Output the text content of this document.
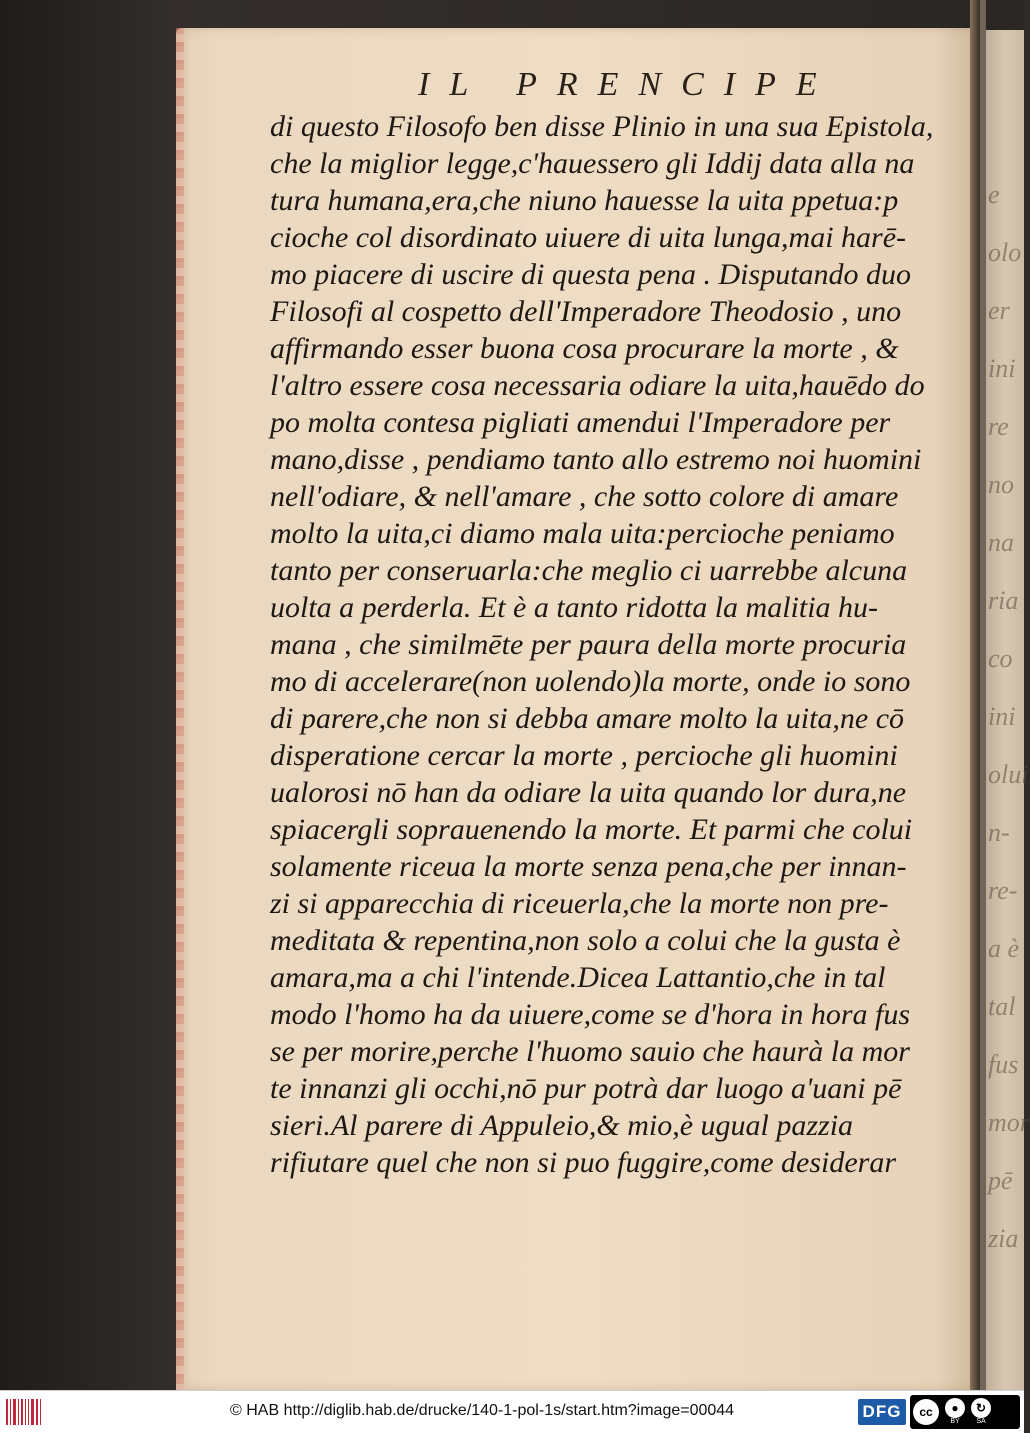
e
olo
er
ini
re
no
na
ria
co
ini
olui
n-
re-
a è
tal
fus
mor
pē
zia
IL PRENCIPE
di questo Filosofo ben disse Plinio in una sua Epistola,
che la miglior legge,c'hauessero gli Iddij data alla na
tura humana,era,che niuno hauesse la uita ppetua:p
cioche col disordinato uiuere di uita lunga,mai harē-
mo piacere di uscire di questa pena . Disputando duo
Filosofi al cospetto dell'Imperadore Theodosio , uno
affirmando esser buona cosa procurare la morte , &
l'altro essere cosa necessaria odiare la uita,hauēdo do
po molta contesa pigliati amendui l'Imperadore per
mano,disse , pendiamo tanto allo estremo noi huomini
nell'odiare, & nell'amare , che sotto colore di amare
molto la uita,ci diamo mala uita:percioche peniamo
tanto per conseruarla:che meglio ci uarrebbe alcuna
uolta a perderla. Et è a tanto ridotta la malitia hu-
mana , che similmēte per paura della morte procuria
mo di accelerare(non uolendo)la morte, onde io sono
di parere,che non si debba amare molto la uita,ne cō
disperatione cercar la morte , percioche gli huomini
ualorosi nō han da odiare la uita quando lor dura,ne
spiacergli soprauenendo la morte. Et parmi che colui
solamente riceua la morte senza pena,che per innan-
zi si apparecchia di riceuerla,che la morte non pre-
meditata & repentina,non solo a colui che la gusta è
amara,ma a chi l'intende.Dicea Lattantio,che in tal
modo l'homo ha da uiuere,come se d'hora in hora fus
se per morire,perche l'huomo sauio che haurà la mor
te innanzi gli occhi,nō pur potrà dar luogo a'uani pē
sieri.Al parere di Appuleio,& mio,è ugual pazzia
rifiutare quel che non si puo fuggire,come desiderar
© HAB http://diglib.hab.de/drucke/140-1-pol-1s/start.htm?image=00044	DFG	cc	●
BY
↻
SA
